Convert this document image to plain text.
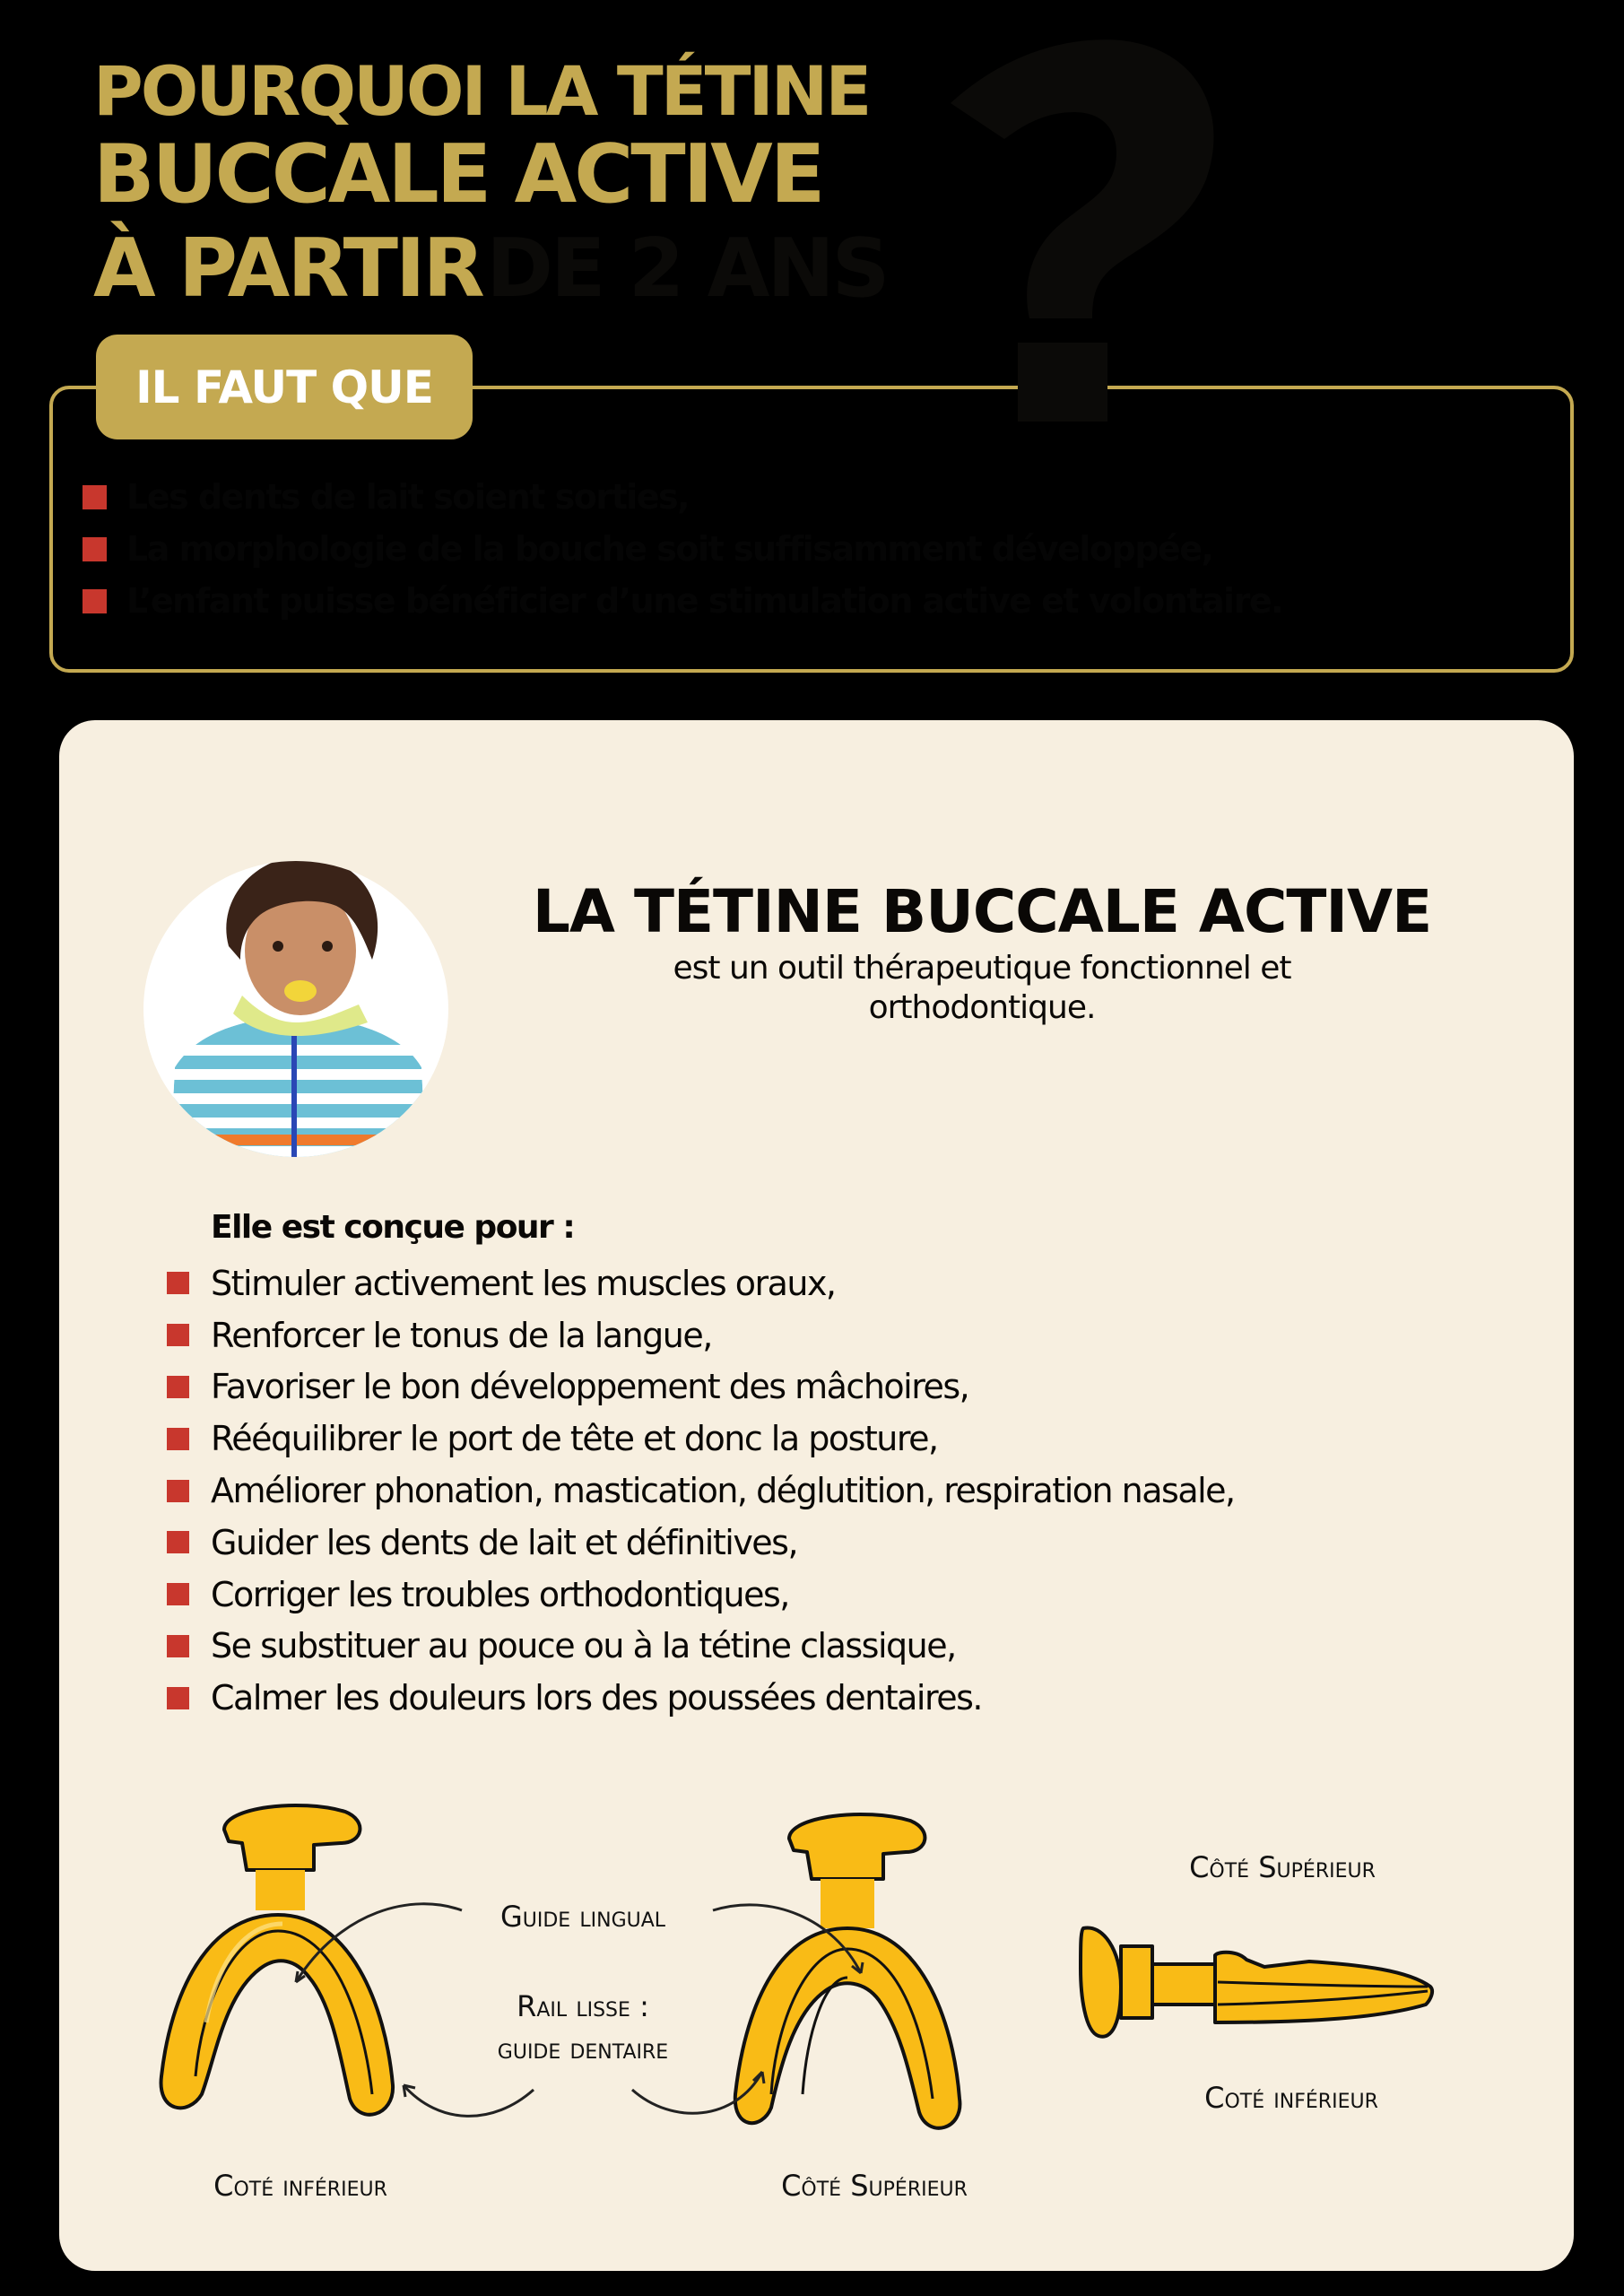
POURQUOI LA TÉTINE
BUCCALE ACTIVE
À PARTIR DE 2 ANS
IL FAUT QUE
Les dents de lait soient sorties,
La morphologie de la bouche soit suffisamment développée,
L’enfant puisse bénéficier d’une stimulation active et volontaire.
LA TÉTINE BUCCALE ACTIVE
est un outil thérapeutique fonctionnel et
orthodontique.
Elle est conçue pour :
Stimuler activement les muscles oraux,
Renforcer le tonus de la langue,
Favoriser le bon développement des mâchoires,
Rééquilibrer le port de tête et donc la posture,
Améliorer phonation, mastication, déglutition, respiration nasale,
Guider les dents de lait et définitives,
Corriger les troubles orthodontiques,
Se substituer au pouce ou à la tétine classique,
Calmer les douleurs lors des poussées dentaires.
Guide lingual
Rail lisse :
guide dentaire
Coté inférieur	Côté Supérieur
Côté Supérieur
Coté inférieur
